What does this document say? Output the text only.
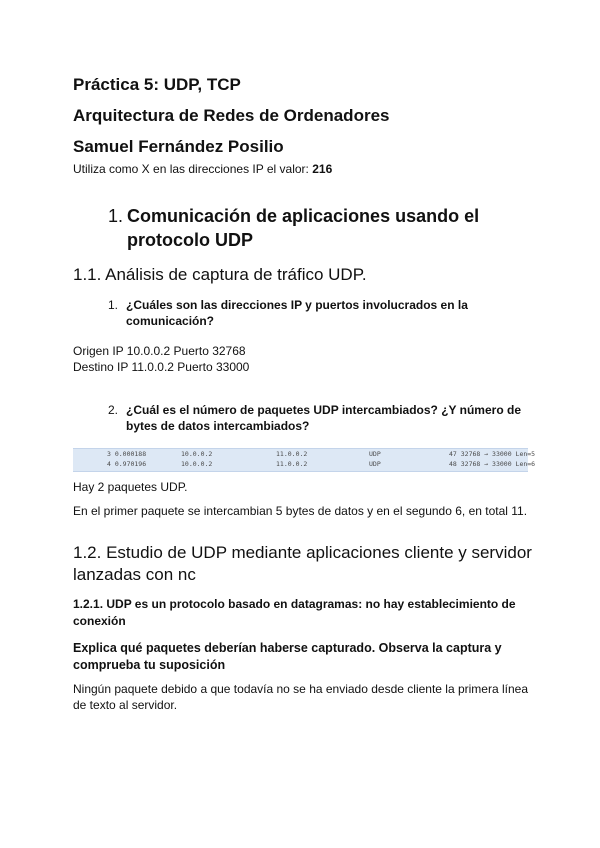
Práctica 5: UDP, TCP
Arquitectura de Redes de Ordenadores
Samuel Fernández Posilio

Utiliza como X en las direcciones IP el valor: 216

1. Comunicación de aplicaciones usando el protocolo UDP
1.1. Análisis de captura de tráfico UDP.
1. ¿Cuáles son las direcciones IP y puertos involucrados en la comunicación?

Origen IP 10.0.0.2 Puerto 32768

Destino IP 11.0.0.2 Puerto 33000

2. ¿Cuál es el número de paquetes UDP intercambiados? ¿Y número de bytes de datos intercambiados?
3 0.000188	10.0.0.2	11.0.0.2	UDP	47 32768 → 33000 Len=5
4 0.970196	10.0.0.2	11.0.0.2	UDP	48 32768 → 33000 Len=6

Hay 2 paquetes UDP.

En el primer paquete se intercambian 5 bytes de datos y en el segundo 6, en total 11.

1.2. Estudio de UDP mediante aplicaciones cliente y servidor lanzadas con nc
1.2.1. UDP es un protocolo basado en datagramas: no hay establecimiento de conexión
Explica qué paquetes deberían haberse capturado. Observa la captura y comprueba tu suposición

Ningún paquete debido a que todavía no se ha enviado desde cliente la primera línea de texto al servidor.
